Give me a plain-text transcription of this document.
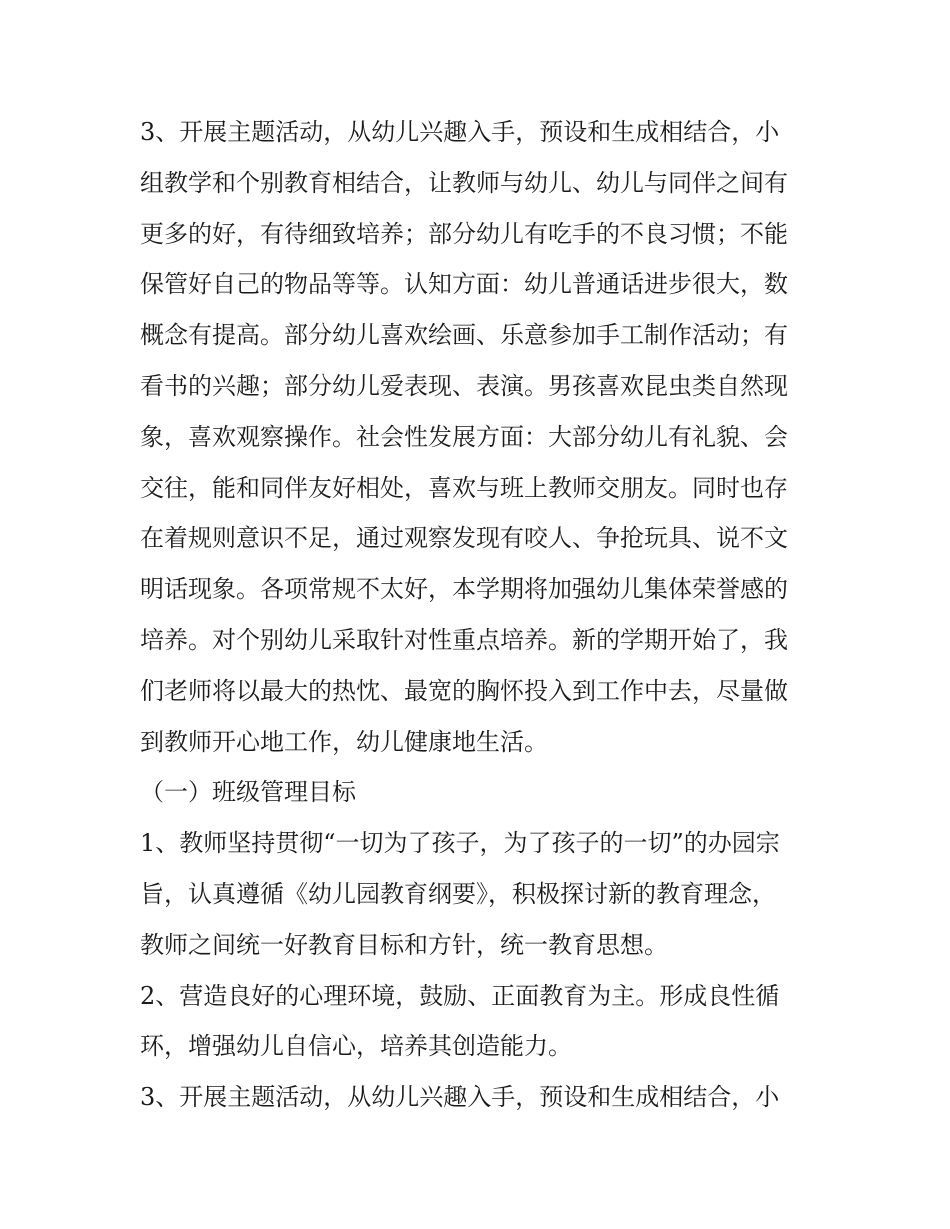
3、开展主题活动，从幼儿兴趣入手，预设和生成相结合，小
组教学和个别教育相结合，让教师与幼儿、幼儿与同伴之间有
更多的好，有待细致培养；部分幼儿有吃手的不良习惯；不能
保管好自己的物品等等。认知方面：幼儿普通话进步很大，数
概念有提高。部分幼儿喜欢绘画、乐意参加手工制作活动；有
看书的兴趣；部分幼儿爱表现、表演。男孩喜欢昆虫类自然现
象，喜欢观察操作。社会性发展方面：大部分幼儿有礼貌、会
交往，能和同伴友好相处，喜欢与班上教师交朋友。同时也存
在着规则意识不足，通过观察发现有咬人、争抢玩具、说不文
明话现象。各项常规不太好，本学期将加强幼儿集体荣誉感的
培养。对个别幼儿采取针对性重点培养。新的学期开始了，我
们老师将以最大的热忱、最宽的胸怀投入到工作中去，尽量做
到教师开心地工作，幼儿健康地生活。
（一）班级管理目标
1、教师坚持贯彻“一切为了孩子，为了孩子的一切”的办园宗
旨，认真遵循《幼儿园教育纲要》，积极探讨新的教育理念，
教师之间统一好教育目标和方针，统一教育思想。
2、营造良好的心理环境，鼓励、正面教育为主。形成良性循
环，增强幼儿自信心，培养其创造能力。
3、开展主题活动，从幼儿兴趣入手，预设和生成相结合，小
